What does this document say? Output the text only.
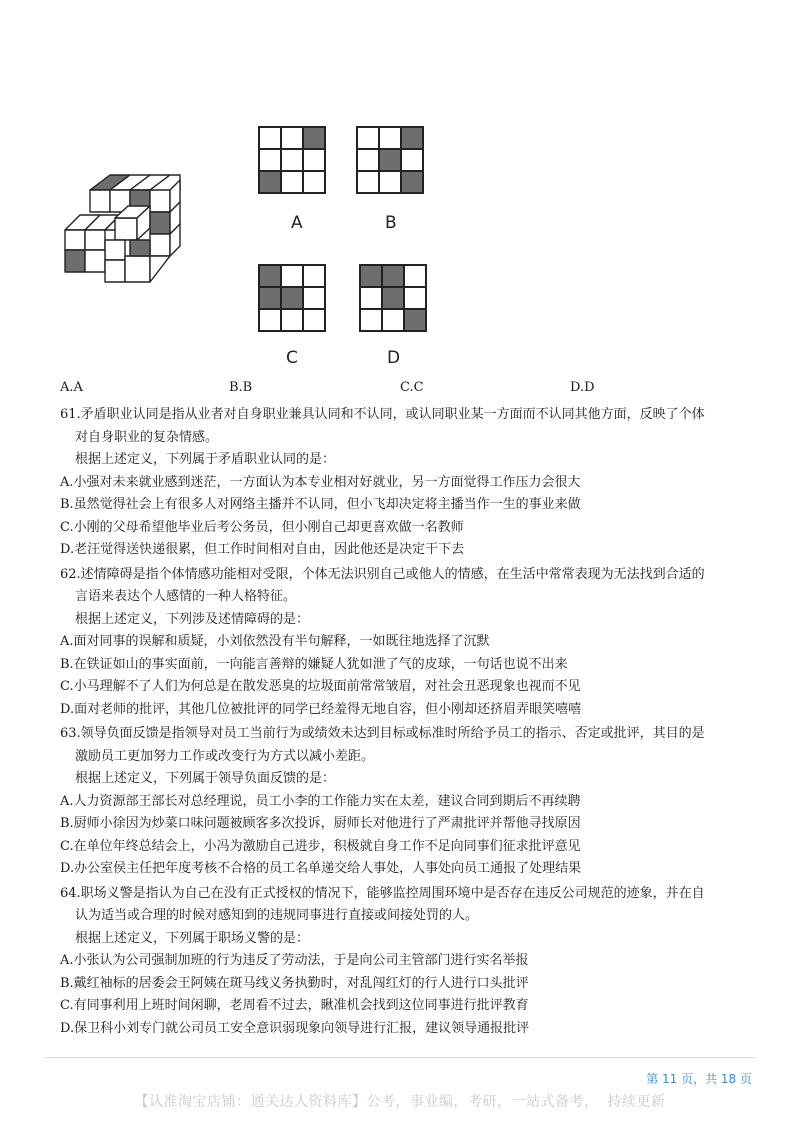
A	B
C	D
A.A	B.B	C.C	D.D
61.矛盾职业认同是指从业者对自身职业兼具认同和不认同，或认同职业某一方面而不认同其他方面，反映了个体
对自身职业的复杂情感。
根据上述定义，下列属于矛盾职业认同的是：
A.小强对未来就业感到迷茫，一方面认为本专业相对好就业，另一方面觉得工作压力会很大
B.虽然觉得社会上有很多人对网络主播并不认同，但小飞却决定将主播当作一生的事业来做
C.小刚的父母希望他毕业后考公务员，但小刚自己却更喜欢做一名教师
D.老汪觉得送快递很累，但工作时间相对自由，因此他还是决定干下去
62.述情障碍是指个体情感功能相对受限，个体无法识别自己或他人的情感，在生活中常常表现为无法找到合适的
言语来表达个人感情的一种人格特征。
根据上述定义，下列涉及述情障碍的是：
A.面对同事的误解和质疑，小刘依然没有半句解释，一如既往地选择了沉默
B.在铁证如山的事实面前，一向能言善辩的嫌疑人犹如泄了气的皮球，一句话也说不出来
C.小马理解不了人们为何总是在散发恶臭的垃圾面前常常皱眉，对社会丑恶现象也视而不见
D.面对老师的批评，其他几位被批评的同学已经羞得无地自容，但小刚却还挤眉弄眼笑嘻嘻
63.领导负面反馈是指领导对员工当前行为或绩效未达到目标或标准时所给予员工的指示、否定或批评，其目的是
激励员工更加努力工作或改变行为方式以减小差距。
根据上述定义，下列属于领导负面反馈的是：
A.人力资源部王部长对总经理说，员工小李的工作能力实在太差，建议合同到期后不再续聘
B.厨师小徐因为炒菜口味问题被顾客多次投诉，厨师长对他进行了严肃批评并帮他寻找原因
C.在单位年终总结会上，小冯为激励自己进步，积极就自身工作不足向同事们征求批评意见
D.办公室侯主任把年度考核不合格的员工名单递交给人事处，人事处向员工通报了处理结果
64.职场义警是指认为自己在没有正式授权的情况下，能够监控周围环境中是否存在违反公司规范的迹象，并在自
认为适当或合理的时候对感知到的违规同事进行直接或间接处罚的人。
根据上述定义，下列属于职场义警的是：
A.小张认为公司强制加班的行为违反了劳动法，于是向公司主管部门进行实名举报
B.戴红袖标的居委会王阿姨在斑马线义务执勤时，对乱闯红灯的行人进行口头批评
C.有同事利用上班时间闲聊，老周看不过去，瞅准机会找到这位同事进行批评教育
D.保卫科小刘专门就公司员工安全意识弱现象向领导进行汇报，建议领导通报批评
第 11 页，共 18 页
【认准淘宝店铺：通关达人资料库】公考，事业编，考研，一站式备考， 持续更新
